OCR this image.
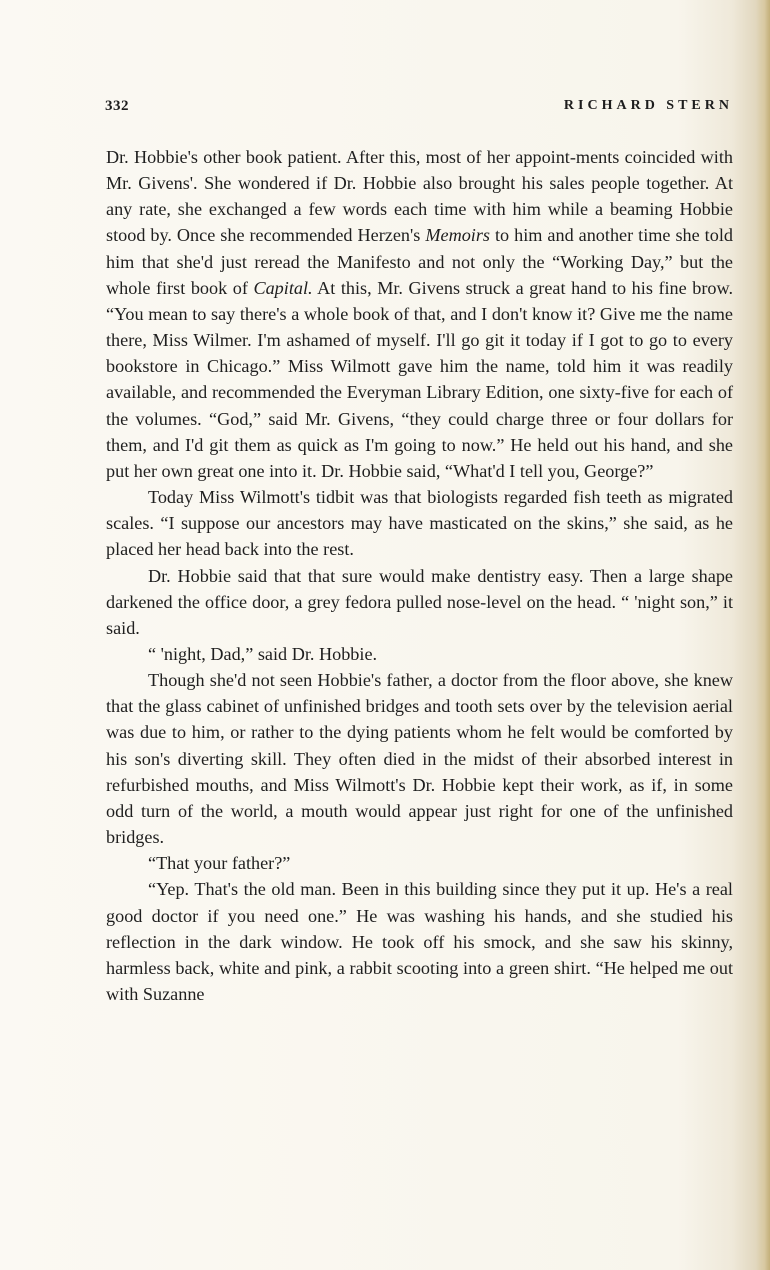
332	RICHARD STERN

Dr. Hobbie's other book patient. After this, most of her appoint-ments coincided with Mr. Givens'. She wondered if Dr. Hobbie also brought his sales people together. At any rate, she exchanged a few words each time with him while a beaming Hobbie stood by. Once she recommended Herzen's Memoirs to him and another time she told him that she'd just reread the Manifesto and not only the “Working Day,” but the whole first book of Capital. At this, Mr. Givens struck a great hand to his fine brow. “You mean to say there's a whole book of that, and I don't know it? Give me the name there, Miss Wilmer. I'm ashamed of myself. I'll go git it today if I got to go to every bookstore in Chicago.” Miss Wilmott gave him the name, told him it was readily available, and recommended the Everyman Library Edition, one sixty-five for each of the volumes. “God,” said Mr. Givens, “they could charge three or four dollars for them, and I'd git them as quick as I'm going to now.” He held out his hand, and she put her own great one into it. Dr. Hobbie said, “What'd I tell you, George?”

Today Miss Wilmott's tidbit was that biologists regarded fish teeth as migrated scales. “I suppose our ancestors may have masticated on the skins,” she said, as he placed her head back into the rest.

Dr. Hobbie said that that sure would make dentistry easy. Then a large shape darkened the office door, a grey fedora pulled nose-level on the head. “ 'night son,” it said.

“ 'night, Dad,” said Dr. Hobbie.

Though she'd not seen Hobbie's father, a doctor from the floor above, she knew that the glass cabinet of unfinished bridges and tooth sets over by the television aerial was due to him, or rather to the dying patients whom he felt would be comforted by his son's diverting skill. They often died in the midst of their absorbed interest in refurbished mouths, and Miss Wilmott's Dr. Hobbie kept their work, as if, in some odd turn of the world, a mouth would appear just right for one of the unfinished bridges.

“That your father?”

“Yep. That's the old man. Been in this building since they put it up. He's a real good doctor if you need one.” He was washing his hands, and she studied his reflection in the dark window. He took off his smock, and she saw his skinny, harmless back, white and pink, a rabbit scooting into a green shirt. “He helped me out with Suzanne
